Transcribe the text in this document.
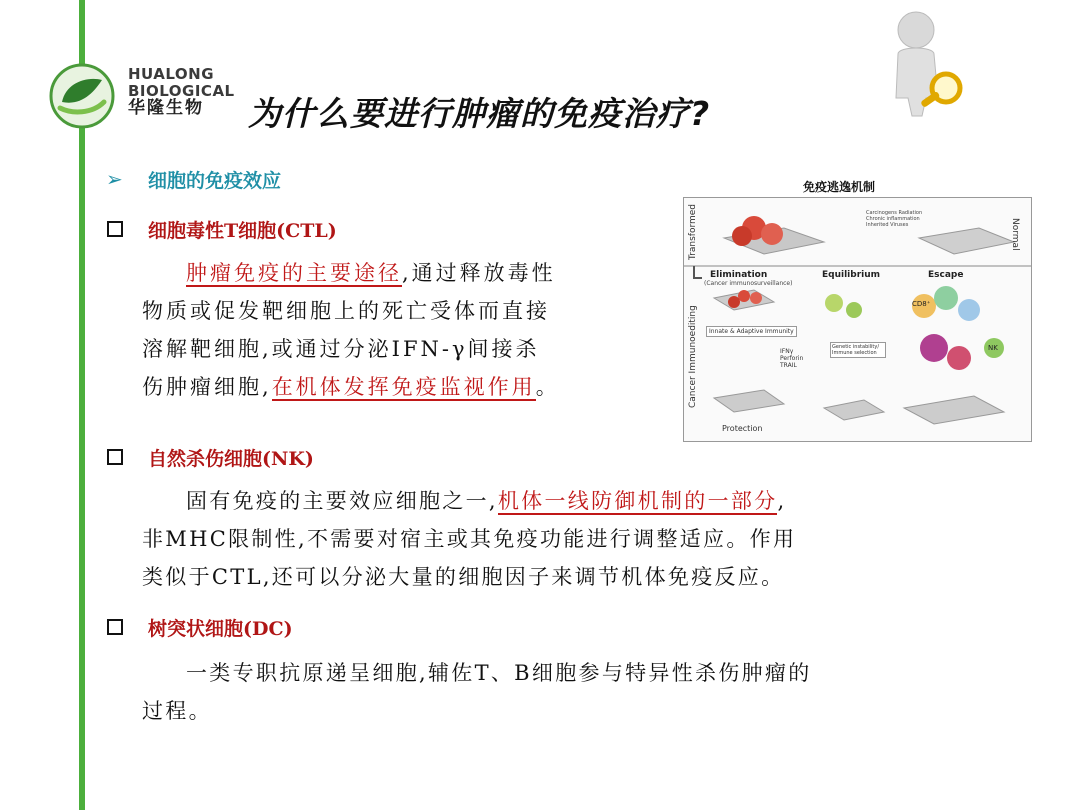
HUALONG
BIOLOGICAL
华隆生物	为什么要进行肿瘤的免疫治疗?
➢ 细胞的免疫效应
细胞毒性T细胞(CTL)
肿瘤免疫的主要途径,通过释放毒性
物质或促发靶细胞上的死亡受体而直接
溶解靶细胞,或通过分泌IFN-γ间接杀
伤肿瘤细胞,在机体发挥免疫监视作用。
自然杀伤细胞(NK)
固有免疫的主要效应细胞之一,机体一线防御机制的一部分,
非MHC限制性,不需要对宿主或其免疫功能进行调整适应。作用
类似于CTL,还可以分泌大量的细胞因子来调节机体免疫反应。
树突状细胞(DC)
一类专职抗原递呈细胞,辅佐T、B细胞参与特异性杀伤肿瘤的
过程。
免疫逃逸机制
Transformed	Normal
Cancer Immunoediting
Elimination
(Cancer immunosurveillance)
Equilibrium	Escape
Protection
Innate & Adaptive Immunity
IFNγ Perforin TRAIL
Genetic instability/ Immune selection
CD8⁺
NK
Carcinogens Radiation Chronic inflammation Inherited Viruses
